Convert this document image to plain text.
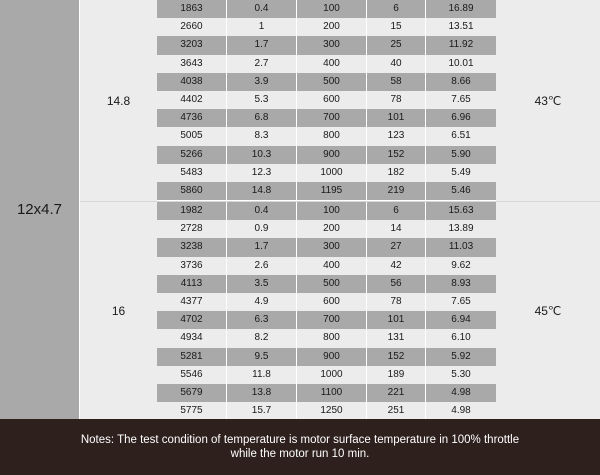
12x4.7
14.8
1863	0.4	100	6	16.89
2660	1	200	15	13.51
3203	1.7	300	25	11.92
3643	2.7	400	40	10.01
4038	3.9	500	58	8.66
4402	5.3	600	78	7.65
4736	6.8	700	101	6.96
5005	8.3	800	123	6.51
5266	10.3	900	152	5.90
5483	12.3	1000	182	5.49
5860	14.8	1195	219	5.46
43℃
16
1982	0.4	100	6	15.63
2728	0.9	200	14	13.89
3238	1.7	300	27	11.03
3736	2.6	400	42	9.62
4113	3.5	500	56	8.93
4377	4.9	600	78	7.65
4702	6.3	700	101	6.94
4934	8.2	800	131	6.10
5281	9.5	900	152	5.92
5546	11.8	1000	189	5.30
5679	13.8	1100	221	4.98
5775	15.7	1250	251	4.98
45℃
Notes: The test condition of temperature is motor surface temperature in 100% throttle
while the motor run 10 min.
